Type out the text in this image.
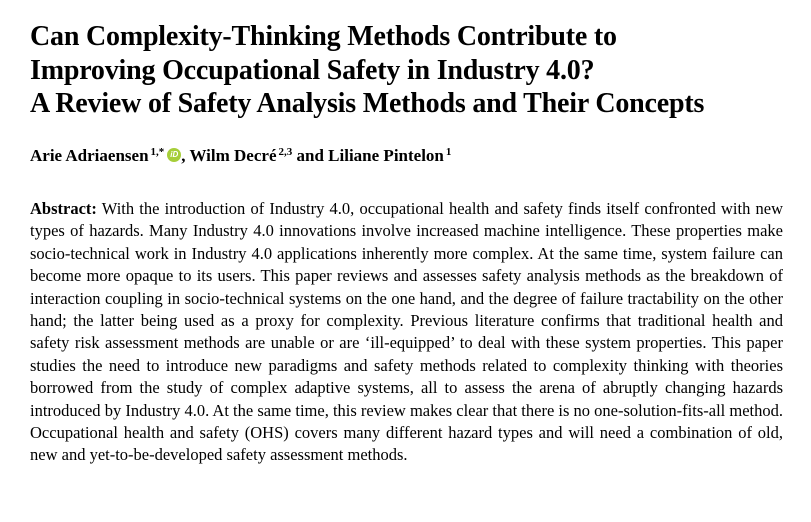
Can Complexity-Thinking Methods Contribute to
Improving Occupational Safety in Industry 4.0?
A Review of Safety Analysis Methods and Their Concepts

Arie Adriaensen $^{1,*}$ iD , Wilm Decré $^{2,3}$ and Liliane Pintelon $^1$

Abstract: With the introduction of Industry 4.0, occupational health and safety finds itself confronted with new types of hazards. Many Industry 4.0 innovations involve increased machine intelligence. These properties make socio-technical work in Industry 4.0 applications inherently more complex. At the same time, system failure can become more opaque to its users. This paper reviews and assesses safety analysis methods as the breakdown of interaction coupling in socio-technical systems on the one hand, and the degree of failure tractability on the other hand; the latter being used as a proxy for complexity. Previous literature confirms that traditional health and safety risk assessment methods are unable or are ‘ill-equipped’ to deal with these system properties. This paper studies the need to introduce new paradigms and safety methods related to complexity thinking with theories borrowed from the study of complex adaptive systems, all to assess the arena of abruptly changing hazards introduced by Industry 4.0. At the same time, this review makes clear that there is no one-solution-fits-all method. Occupational health and safety (OHS) covers many different hazard types and will need a combination of old, new and yet-to-be-developed safety assessment methods.
